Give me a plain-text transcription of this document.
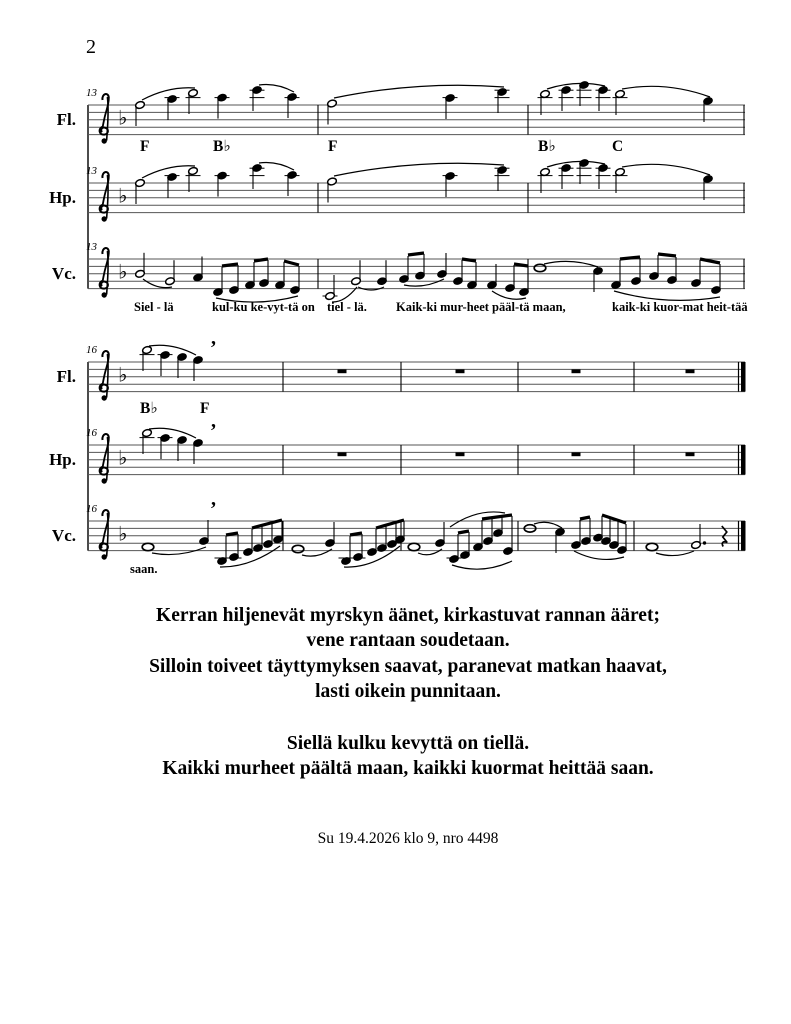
2
♭
13
Fl.
♭
13
Hp.
F	B♭	F	B♭	C
♭
13
Vc.
Siel - lä	kul-ku ke-vyt-tä on tiel - lä. Kaik-ki mur-heet pääl-tä maan,	kaik-ki kuor-mat heit-tää
♭
16
Fl.
’
♭
16
Hp.
B♭	F
’
♭
16
Vc.
’
saan.

Kerran hiljenevät myrskyn äänet, kirkastuvat rannan ääret;

vene rantaan soudetaan.

Silloin toiveet täyttymyksen saavat, paranevat matkan haavat,

lasti oikein punnitaan.

Siellä kulku kevyttä on tiellä.

Kaikki murheet päältä maan, kaikki kuormat heittää saan.

Su 19.4.2026 klo 9, nro 4498
